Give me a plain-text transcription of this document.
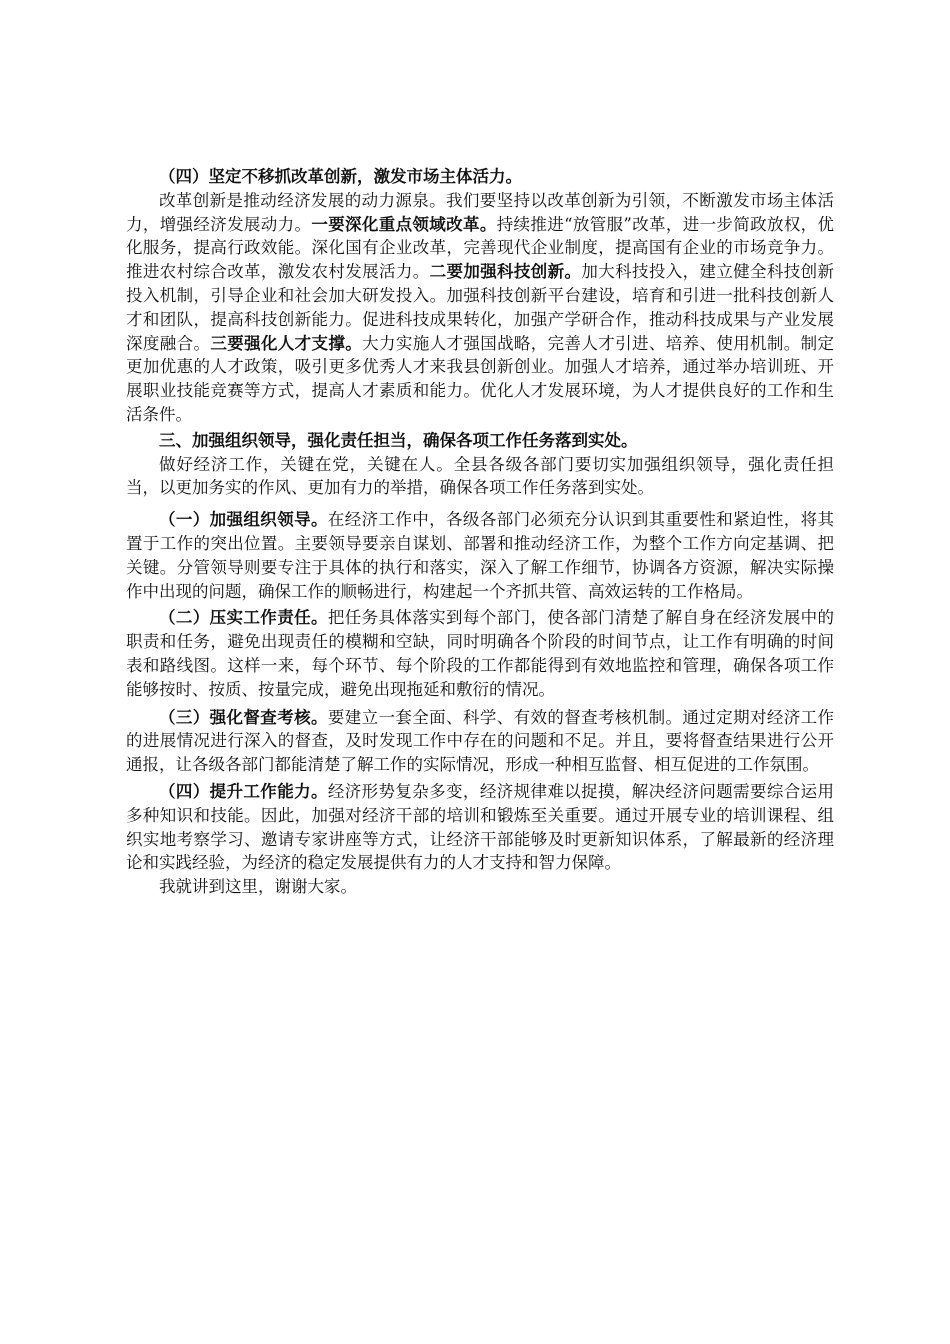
（四）坚定不移抓改革创新，激发市场主体活力。

改革创新是推动经济发展的动力源泉。我们要坚持以改革创新为引领，不断激发市场主体活力，增强经济发展动力。一要深化重点领域改革。持续推进“放管服”改革，进一步简政放权，优化服务，提高行政效能。深化国有企业改革，完善现代企业制度，提高国有企业的市场竞争力。推进农村综合改革，激发农村发展活力。二要加强科技创新。加大科技投入，建立健全科技创新投入机制，引导企业和社会加大研发投入。加强科技创新平台建设，培育和引进一批科技创新人才和团队，提高科技创新能力。促进科技成果转化，加强产学研合作，推动科技成果与产业发展深度融合。三要强化人才支撑。大力实施人才强国战略，完善人才引进、培养、使用机制。制定更加优惠的人才政策，吸引更多优秀人才来我县创新创业。加强人才培养，通过举办培训班、开展职业技能竞赛等方式，提高人才素质和能力。优化人才发展环境，为人才提供良好的工作和生活条件。

三、加强组织领导，强化责任担当，确保各项工作任务落到实处。

做好经济工作，关键在党，关键在人。全县各级各部门要切实加强组织领导，强化责任担当，以更加务实的作风、更加有力的举措，确保各项工作任务落到实处。

（一）加强组织领导。在经济工作中，各级各部门必须充分认识到其重要性和紧迫性，将其置于工作的突出位置。主要领导要亲自谋划、部署和推动经济工作，为整个工作方向定基调、把关键。分管领导则要专注于具体的执行和落实，深入了解工作细节，协调各方资源，解决实际操作中出现的问题，确保工作的顺畅进行，构建起一个齐抓共管、高效运转的工作格局。

（二）压实工作责任。把任务具体落实到每个部门，使各部门清楚了解自身在经济发展中的职责和任务，避免出现责任的模糊和空缺，同时明确各个阶段的时间节点，让工作有明确的时间表和路线图。这样一来，每个环节、每个阶段的工作都能得到有效地监控和管理，确保各项工作能够按时、按质、按量完成，避免出现拖延和敷衍的情况。

（三）强化督查考核。要建立一套全面、科学、有效的督查考核机制。通过定期对经济工作的进展情况进行深入的督查，及时发现工作中存在的问题和不足。并且，要将督查结果进行公开通报，让各级各部门都能清楚了解工作的实际情况，形成一种相互监督、相互促进的工作氛围。

（四）提升工作能力。经济形势复杂多变，经济规律难以捉摸，解决经济问题需要综合运用多种知识和技能。因此，加强对经济干部的培训和锻炼至关重要。通过开展专业的培训课程、组织实地考察学习、邀请专家讲座等方式，让经济干部能够及时更新知识体系，了解最新的经济理论和实践经验，为经济的稳定发展提供有力的人才支持和智力保障。

我就讲到这里，谢谢大家。
